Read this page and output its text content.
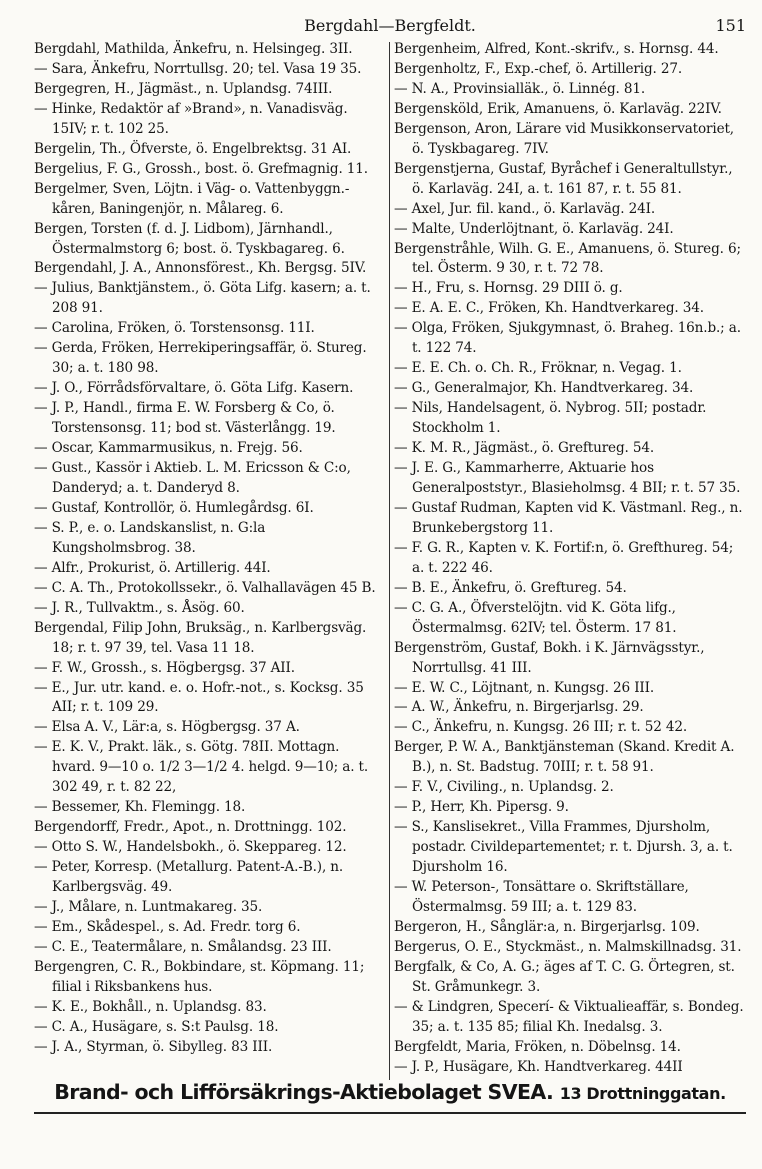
Bergdahl—Bergfeldt.	151

Bergdahl, Mathilda, Änkefru, n. Helsingeg. 3II.

— Sara, Änkefru, Norrtullsg. 20; tel. Vasa 19 35.

Bergegren, H., Jägmäst., n. Uplandsg. 74III.

— Hinke, Redaktör af »Brand», n. Vanadisväg. 15IV; r. t. 102 25.

Bergelin, Th., Öfverste, ö. Engelbrektsg. 31 AI.

Bergelius, F. G., Grossh., bost. ö. Grefmagnig. 11.

Bergelmer, Sven, Löjtn. i Väg- o. Vattenbyggn.-kåren, Baningenjör, n. Målareg. 6.

Bergen, Torsten (f. d. J. Lidbom), Järnhandl., Östermalmstorg 6; bost. ö. Tyskbagareg. 6.

Bergendahl, J. A., Annonsförest., Kh. Bergsg. 5IV.

— Julius, Banktjänstem., ö. Göta Lifg. kasern; a. t. 208 91.

— Carolina, Fröken, ö. Torstensonsg. 11I.

— Gerda, Fröken, Herrekiperingsaffär, ö. Stureg. 30; a. t. 180 98.

— J. O., Förrådsförvaltare, ö. Göta Lifg. Kasern.

— J. P., Handl., firma E. W. Forsberg & Co, ö. Torstensonsg. 11; bod st. Västerlångg. 19.

— Oscar, Kammarmusikus, n. Frejg. 56.

— Gust., Kassör i Aktieb. L. M. Ericsson & C:o, Danderyd; a. t. Danderyd 8.

— Gustaf, Kontrollör, ö. Humlegårdsg. 6I.

— S. P., e. o. Landskanslist, n. G:la Kungsholmsbrog. 38.

— Alfr., Prokurist, ö. Artillerig. 44I.

— C. A. Th., Protokollssekr., ö. Valhallavägen 45 B.

— J. R., Tullvaktm., s. Åsög. 60.

Bergendal, Filip John, Bruksäg., n. Karlbergsväg. 18; r. t. 97 39, tel. Vasa 11 18.

— F. W., Grossh., s. Högbergsg. 37 AII.

— E., Jur. utr. kand. e. o. Hofr.-not., s. Kocksg. 35 AII; r. t. 109 29.

— Elsa A. V., Lär:a, s. Högbergsg. 37 A.

— E. K. V., Prakt. läk., s. Götg. 78II. Mottagn. hvard. 9—10 o. 1/2 3—1/2 4. helgd. 9—10; a. t. 302 49, r. t. 82 22,

— Bessemer, Kh. Flemingg. 18.

Bergendorff, Fredr., Apot., n. Drottningg. 102.

— Otto S. W., Handelsbokh., ö. Skeppareg. 12.

— Peter, Korresp. (Metallurg. Patent-A.-B.), n. Karlbergsväg. 49.

— J., Målare, n. Luntmakareg. 35.

— Em., Skådespel., s. Ad. Fredr. torg 6.

— C. E., Teatermålare, n. Smålandsg. 23 III.

Bergengren, C. R., Bokbindare, st. Köpmang. 11; filial i Riksbankens hus.

— K. E., Bokhåll., n. Uplandsg. 83.

— C. A., Husägare, s. S:t Paulsg. 18.

— J. A., Styrman, ö. Sibylleg. 83 III.

Bergenheim, Alfred, Kont.-skrifv., s. Hornsg. 44.

Bergenholtz, F., Exp.-chef, ö. Artillerig. 27.

— N. A., Provinsialläk., ö. Linnég. 81.

Bergensköld, Erik, Amanuens, ö. Karlaväg. 22IV.

Bergenson, Aron, Lärare vid Musikkonservatoriet, ö. Tyskbagareg. 7IV.

Bergenstjerna, Gustaf, Byråchef i Generaltullstyr., ö. Karlaväg. 24I, a. t. 161 87, r. t. 55 81.

— Axel, Jur. fil. kand., ö. Karlaväg. 24I.

— Malte, Underlöjtnant, ö. Karlaväg. 24I.

Bergenstråhle, Wilh. G. E., Amanuens, ö. Stureg. 6; tel. Österm. 9 30, r. t. 72 78.

— H., Fru, s. Hornsg. 29 DIII ö. g.

— E. A. E. C., Fröken, Kh. Handtverkareg. 34.

— Olga, Fröken, Sjukgymnast, ö. Braheg. 16n.b.; a. t. 122 74.

— E. E. Ch. o. Ch. R., Fröknar, n. Vegag. 1.

— G., Generalmajor, Kh. Handtverkareg. 34.

— Nils, Handelsagent, ö. Nybrog. 5II; postadr. Stockholm 1.

— K. M. R., Jägmäst., ö. Greftureg. 54.

— J. E. G., Kammarherre, Aktuarie hos Generalpoststyr., Blasieholmsg. 4 BII; r. t. 57 35.

— Gustaf Rudman, Kapten vid K. Västmanl. Reg., n. Brunkebergstorg 11.

— F. G. R., Kapten v. K. Fortif:n, ö. Grefthureg. 54; a. t. 222 46.

— B. E., Änkefru, ö. Greftureg. 54.

— C. G. A., Öfverstelöjtn. vid K. Göta lifg., Östermalmsg. 62IV; tel. Österm. 17 81.

Bergenström, Gustaf, Bokh. i K. Järnvägsstyr., Norrtullsg. 41 III.

— E. W. C., Löjtnant, n. Kungsg. 26 III.

— A. W., Änkefru, n. Birgerjarlsg. 29.

— C., Änkefru, n. Kungsg. 26 III; r. t. 52 42.

Berger, P. W. A., Banktjänsteman (Skand. Kredit A. B.), n. St. Badstug. 70III; r. t. 58 91.

— F. V., Civiling., n. Uplandsg. 2.

— P., Herr, Kh. Pipersg. 9.

— S., Kanslisekret., Villa Frammes, Djursholm, postadr. Civildepartementet; r. t. Djursh. 3, a. t. Djursholm 16.

— W. Peterson-, Tonsättare o. Skriftställare, Östermalmsg. 59 III; a. t. 129 83.

Bergeron, H., Sånglär:a, n. Birgerjarlsg. 109.

Bergerus, O. E., Styckmäst., n. Malmskillnadsg. 31.

Bergfalk, & Co, A. G.; äges af T. C. G. Örtegren, st. St. Gråmunkegr. 3.

— & Lindgren, Specerí- & Viktualieaffär, s. Bondeg. 35; a. t. 135 85; filial Kh. Inedalsg. 3.

Bergfeldt, Maria, Fröken, n. Döbelnsg. 14.

— J. P., Husägare, Kh. Handtverkareg. 44II

Brand- och Lifförsäkrings-Aktiebolaget SVEA. 13 Drottninggatan.
